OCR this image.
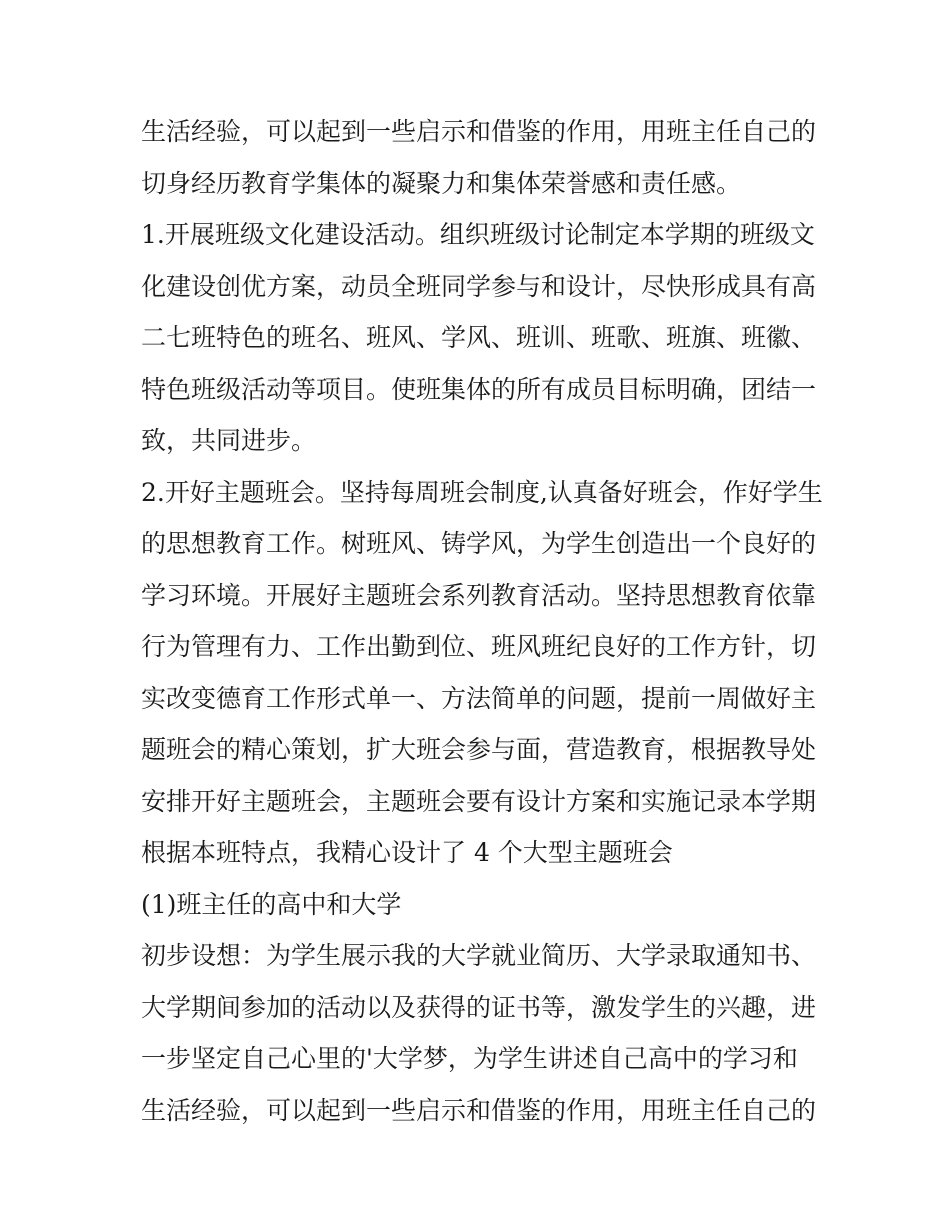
生活经验，可以起到一些启示和借鉴的作用，用班主任自己的
切身经历教育学集体的凝聚力和集体荣誉感和责任感。
1.开展班级文化建设活动。组织班级讨论制定本学期的班级文
化建设创优方案，动员全班同学参与和设计，尽快形成具有高
二七班特色的班名、班风、学风、班训、班歌、班旗、班徽、
特色班级活动等项目。使班集体的所有成员目标明确，团结一
致，共同进步。
2.开好主题班会。坚持每周班会制度,认真备好班会，作好学生
的思想教育工作。树班风、铸学风，为学生创造出一个良好的
学习环境。开展好主题班会系列教育活动。坚持思想教育依靠
行为管理有力、工作出勤到位、班风班纪良好的工作方针，切
实改变德育工作形式单一、方法简单的问题，提前一周做好主
题班会的精心策划，扩大班会参与面，营造教育，根据教导处
安排开好主题班会，主题班会要有设计方案和实施记录本学期
根据本班特点，我精心设计了 4 个大型主题班会
(1)班主任的高中和大学
初步设想：为学生展示我的大学就业简历、大学录取通知书、
大学期间参加的活动以及获得的证书等，激发学生的兴趣，进
一步坚定自己心里的'大学梦，为学生讲述自己高中的学习和
生活经验，可以起到一些启示和借鉴的作用，用班主任自己的
